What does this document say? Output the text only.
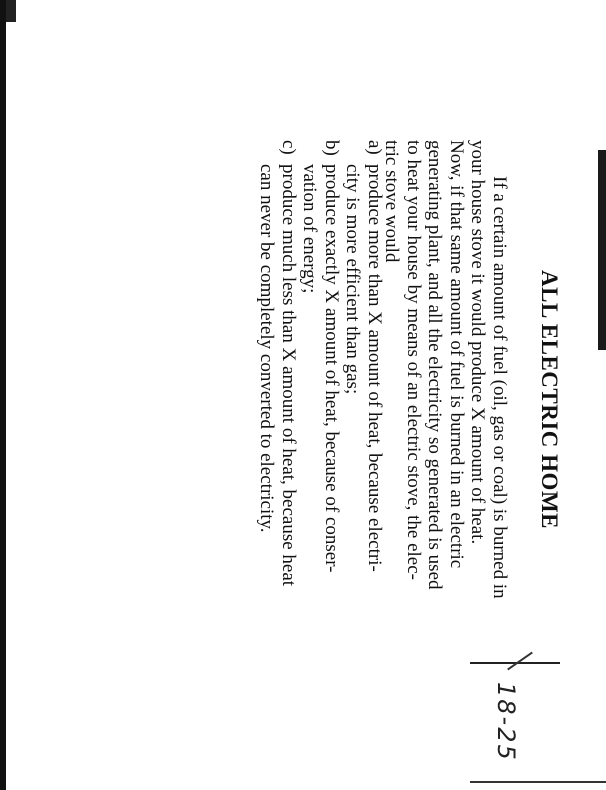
ALL ELECTRIC HOME
If a certain amount of fuel (oil, gas or coal) is burned in
your house stove it would produce X amount of heat.
Now, if that same amount of fuel is burned in an electric
generating plant, and all the electricity so generated is used
to heat your house by means of an electric stove, the elec-
tric stove would
a)produce more than X amount of heat, because electri-
city is more efficient than gas;
b)produce exactly X amount of heat, because of conser-
vation of energy;
c)produce much less than X amount of heat, because heat
can never be completely converted to electricity.
18-25
